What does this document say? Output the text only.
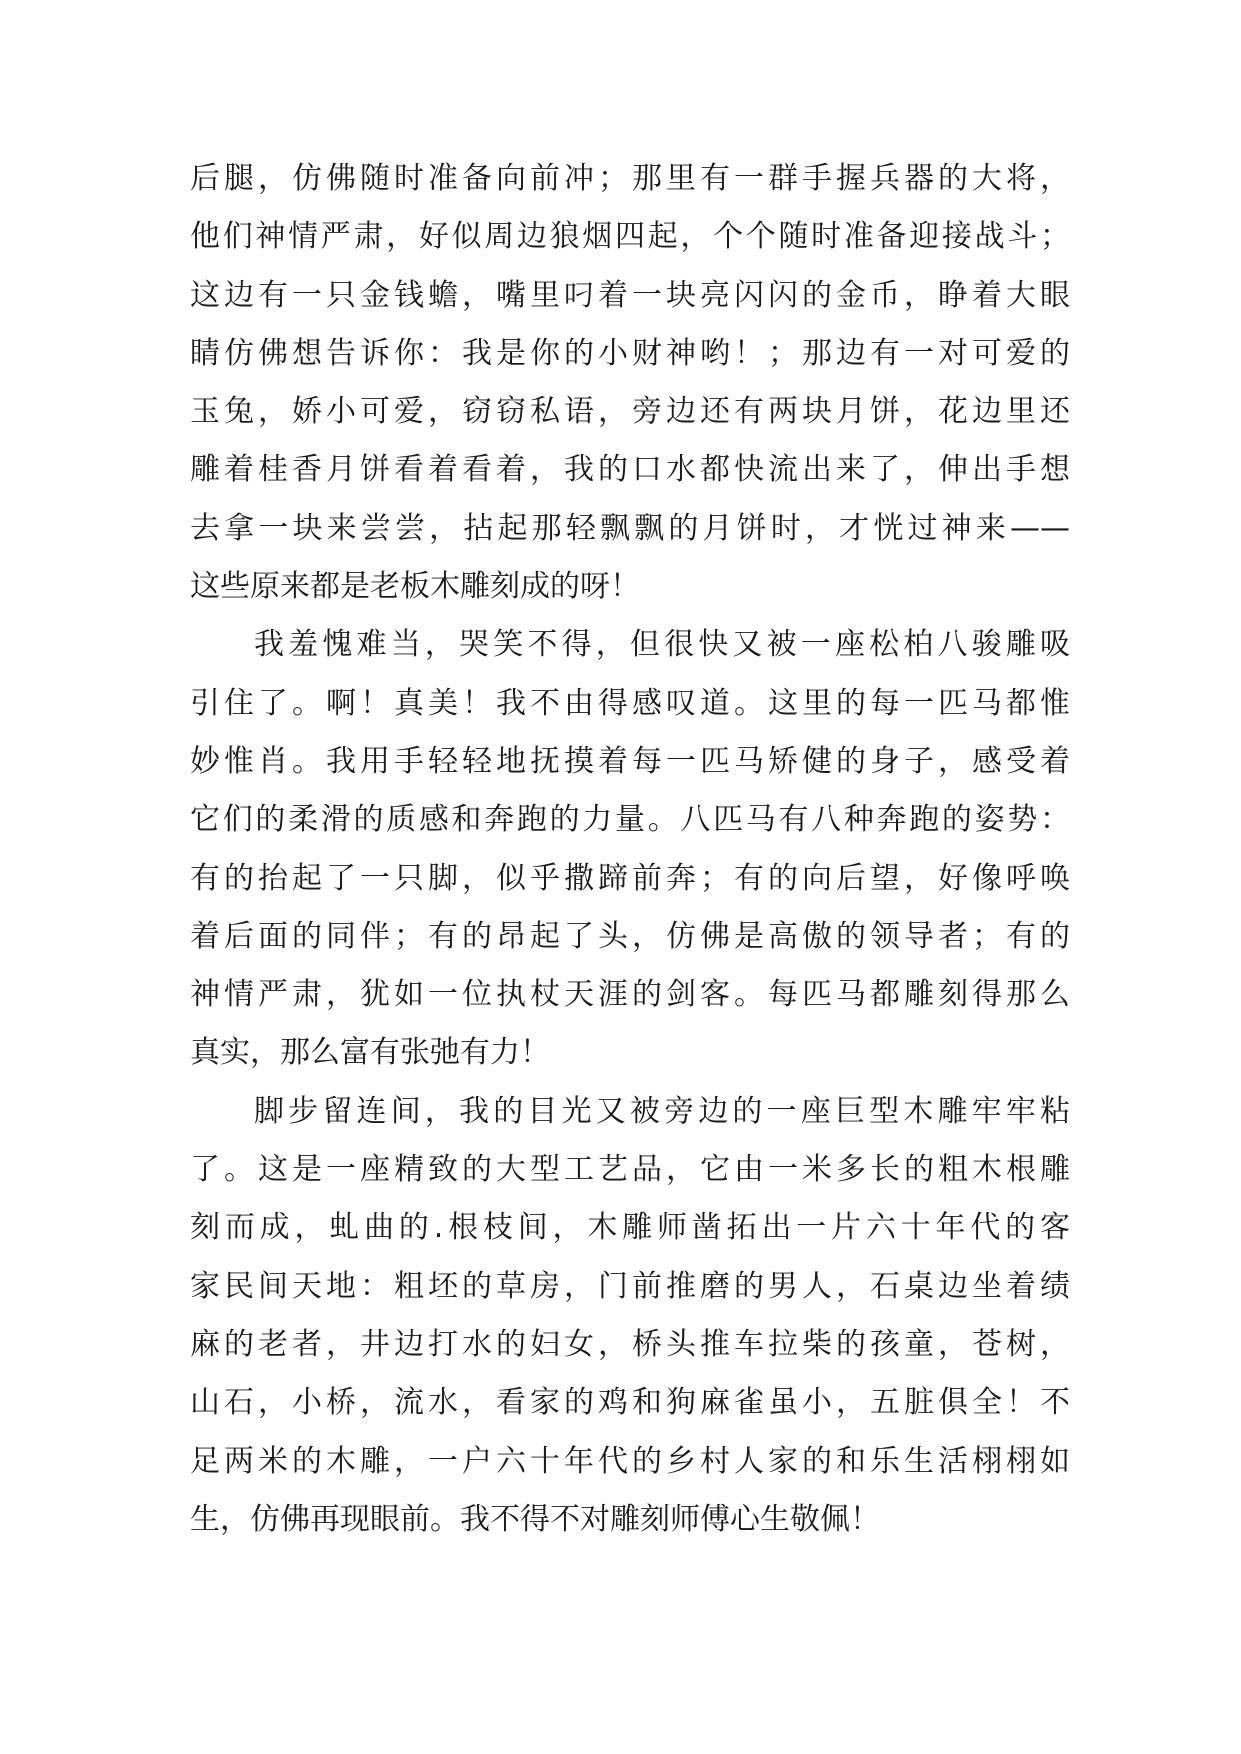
后腿，仿佛随时准备向前冲；那里有一群手握兵器的大将，
他们神情严肃，好似周边狼烟四起，个个随时准备迎接战斗；
这边有一只金钱蟾，嘴里叼着一块亮闪闪的金币，睁着大眼
睛仿佛想告诉你：我是你的小财神哟！；那边有一对可爱的
玉兔，娇小可爱，窃窃私语，旁边还有两块月饼，花边里还
雕着桂香月饼看着看着，我的口水都快流出来了，伸出手想
去拿一块来尝尝，拈起那轻飘飘的月饼时，才恍过神来——
这些原来都是老板木雕刻成的呀！
我羞愧难当，哭笑不得，但很快又被一座松柏八骏雕吸
引住了。啊！真美！我不由得感叹道。这里的每一匹马都惟
妙惟肖。我用手轻轻地抚摸着每一匹马矫健的身子，感受着
它们的柔滑的质感和奔跑的力量。八匹马有八种奔跑的姿势：
有的抬起了一只脚，似乎撒蹄前奔；有的向后望，好像呼唤
着后面的同伴；有的昂起了头，仿佛是高傲的领导者；有的
神情严肃，犹如一位执杖天涯的剑客。每匹马都雕刻得那么
真实，那么富有张弛有力！
脚步留连间，我的目光又被旁边的一座巨型木雕牢牢粘
了。这是一座精致的大型工艺品，它由一米多长的粗木根雕
刻而成，虬曲的.根枝间，木雕师凿拓出一片六十年代的客
家民间天地：粗坯的草房，门前推磨的男人，石桌边坐着绩
麻的老者，井边打水的妇女，桥头推车拉柴的孩童，苍树，
山石，小桥，流水，看家的鸡和狗麻雀虽小，五脏俱全！不
足两米的木雕，一户六十年代的乡村人家的和乐生活栩栩如
生，仿佛再现眼前。我不得不对雕刻师傅心生敬佩！
